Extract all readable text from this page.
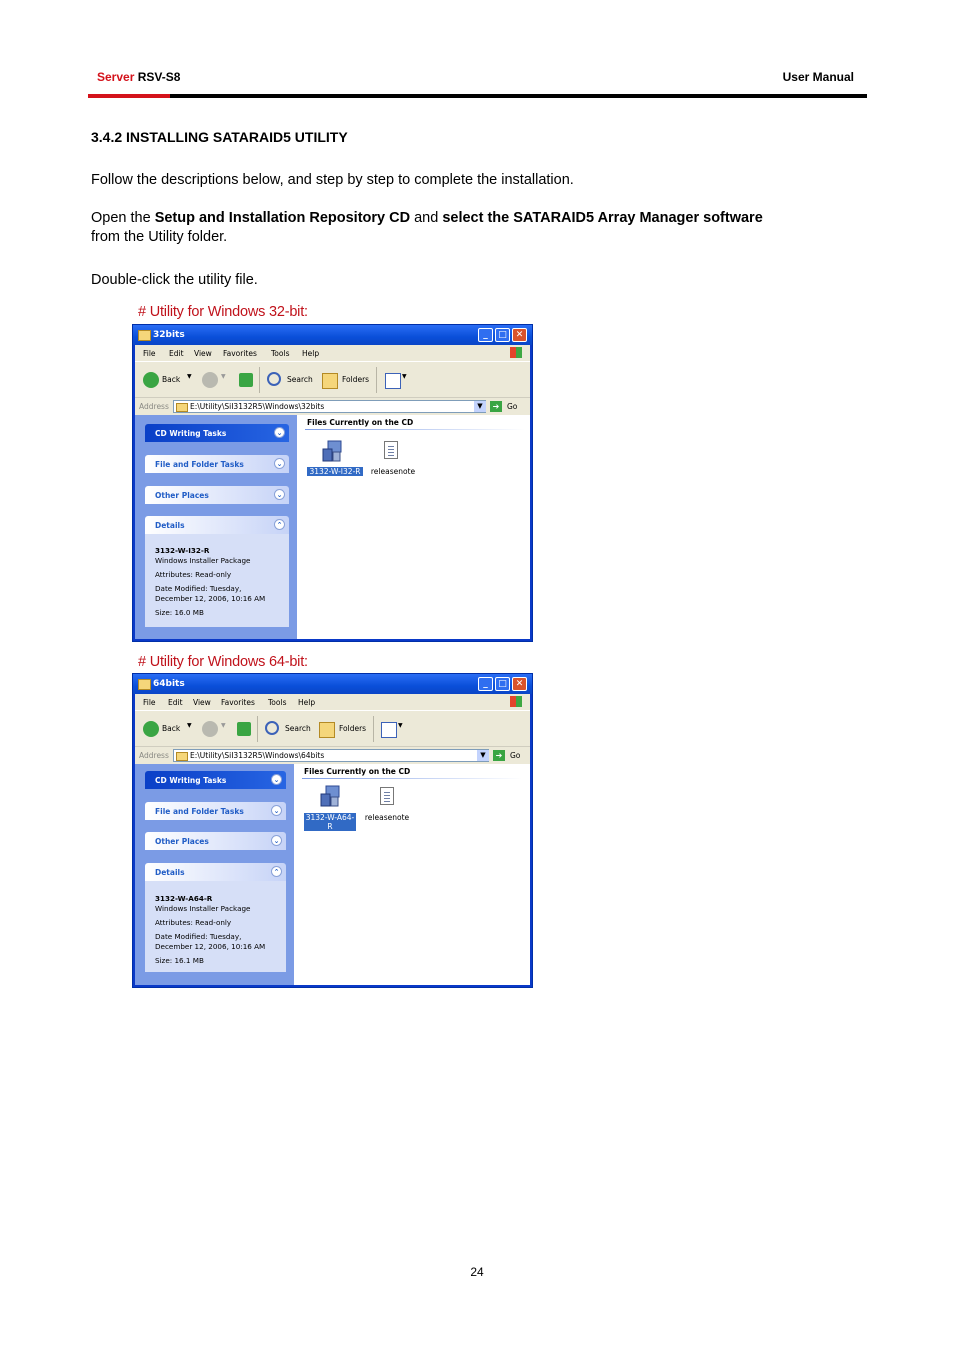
Server RSV-S8	User Manual
3.4.2 INSTALLING SATARAID5 UTILITY
Follow the descriptions below, and step by step to complete the installation.
Open the Setup and Installation Repository CD and select the SATARAID5 Array Manager software
from the Utility folder.
Double-click the utility file.
# Utility for Windows 32-bit:
32bits	_	□ ✕
File Edit View Favorites Tools Help
Back ▼	▼	Search	Folders	▼
Address	E:\Utility\SiI3132R5\Windows\32bits	▼	➔	Go
CD Writing Tasks	⌄
File and Folder Tasks	⌄
Other Places	⌄
Details	⌃
3132-W-I32-R
Windows Installer Package
Attributes: Read-only
Date Modified: Tuesday,
December 12, 2006, 10:16 AM
Size: 16.0 MB
Files Currently on the CD
3132-W-I32-R	releasenote
# Utility for Windows 64-bit:
64bits	_	□ ✕
File Edit View Favorites Tools Help
Back ▼	▼	Search	Folders	▼
Address	E:\Utility\SiI3132R5\Windows\64bits	▼	➔	Go
CD Writing Tasks	⌄
File and Folder Tasks	⌄
Other Places	⌄
Details	⌃
3132-W-A64-R
Windows Installer Package
Attributes: Read-only
Date Modified: Tuesday,
December 12, 2006, 10:16 AM
Size: 16.1 MB
Files Currently on the CD
3132-W-A64-
R
releasenote
24
